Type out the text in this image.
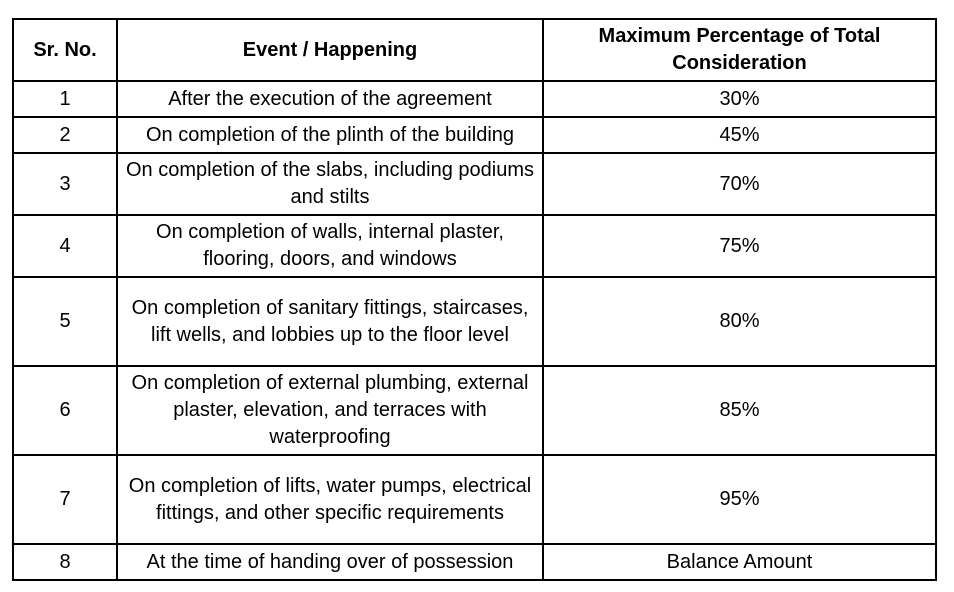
Sr. No.	Event / Happening	Maximum Percentage of Total Consideration
1	After the execution of the agreement	30%
2	On completion of the plinth of the building	45%
3	On completion of the slabs, including podiums and stilts	70%
4	On completion of walls, internal plaster, flooring, doors, and windows	75%
5	On completion of sanitary fittings, staircases, lift wells, and lobbies up to the floor level	80%
6	On completion of external plumbing, external plaster, elevation, and terraces with waterproofing	85%
7	On completion of lifts, water pumps, electrical fittings, and other specific requirements	95%
8	At the time of handing over of possession	Balance Amount
